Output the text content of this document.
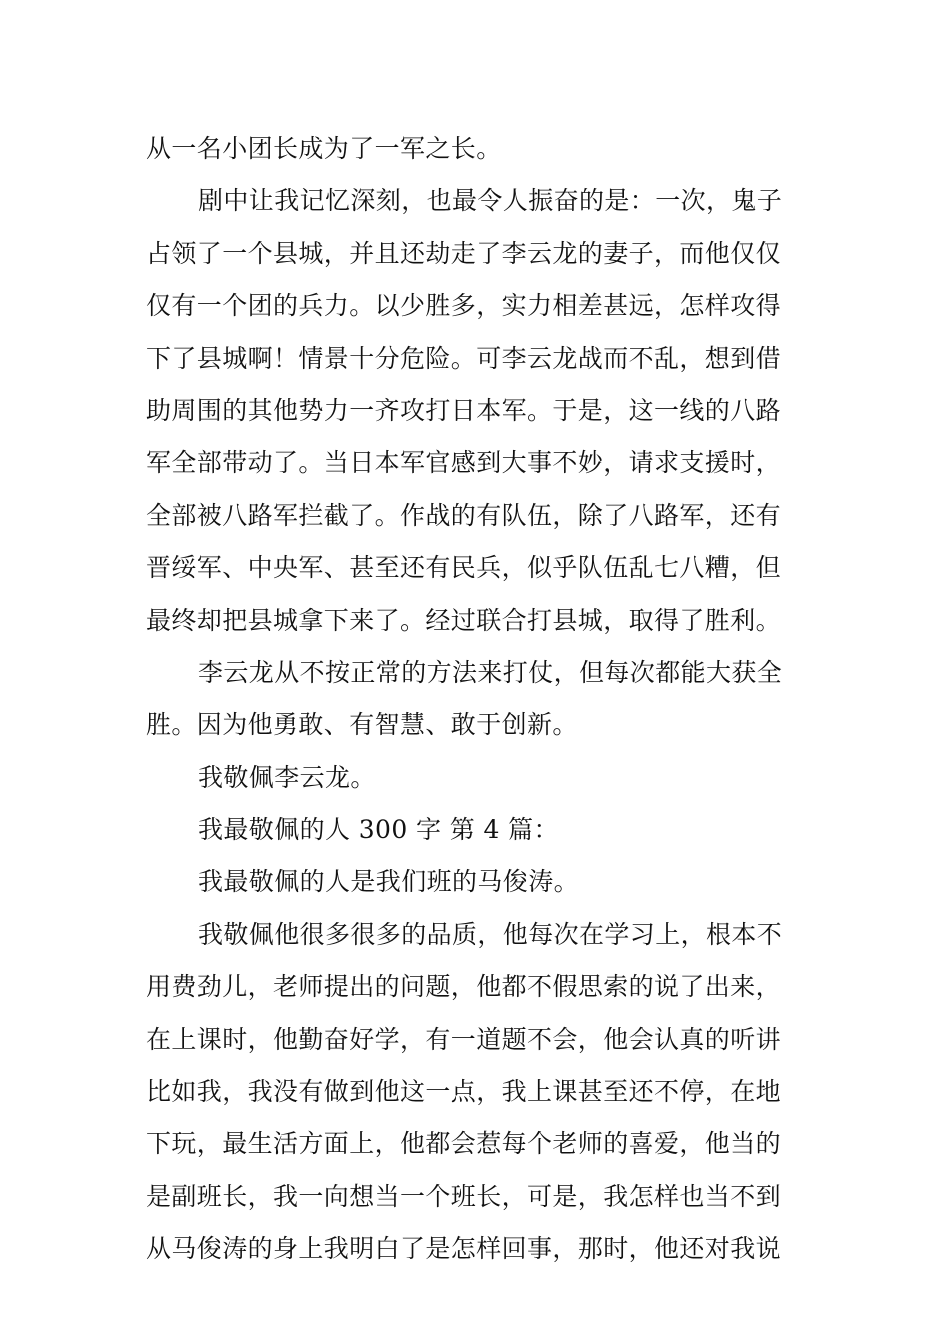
从一名小团长成为了一军之长。
剧中让我记忆深刻，也最令人振奋的是：一次，鬼子
占领了一个县城，并且还劫走了李云龙的妻子，而他仅仅
仅有一个团的兵力。以少胜多，实力相差甚远，怎样攻得
下了县城啊！情景十分危险。可李云龙战而不乱，想到借
助周围的其他势力一齐攻打日本军。于是，这一线的八路
军全部带动了。当日本军官感到大事不妙，请求支援时，
全部被八路军拦截了。作战的有队伍，除了八路军，还有
晋绥军、中央军、甚至还有民兵，似乎队伍乱七八糟，但
最终却把县城拿下来了。经过联合打县城，取得了胜利。
李云龙从不按正常的方法来打仗，但每次都能大获全
胜。因为他勇敢、有智慧、敢于创新。
我敬佩李云龙。
我最敬佩的人 300 字 第 4 篇：
我最敬佩的人是我们班的马俊涛。
我敬佩他很多很多的品质，他每次在学习上，根本不
用费劲儿，老师提出的问题，他都不假思索的说了出来，
在上课时，他勤奋好学，有一道题不会，他会认真的听讲
比如我，我没有做到他这一点，我上课甚至还不停，在地
下玩，最生活方面上，他都会惹每个老师的喜爱，他当的
是副班长，我一向想当一个班长，可是，我怎样也当不到
从马俊涛的身上我明白了是怎样回事，那时，他还对我说
